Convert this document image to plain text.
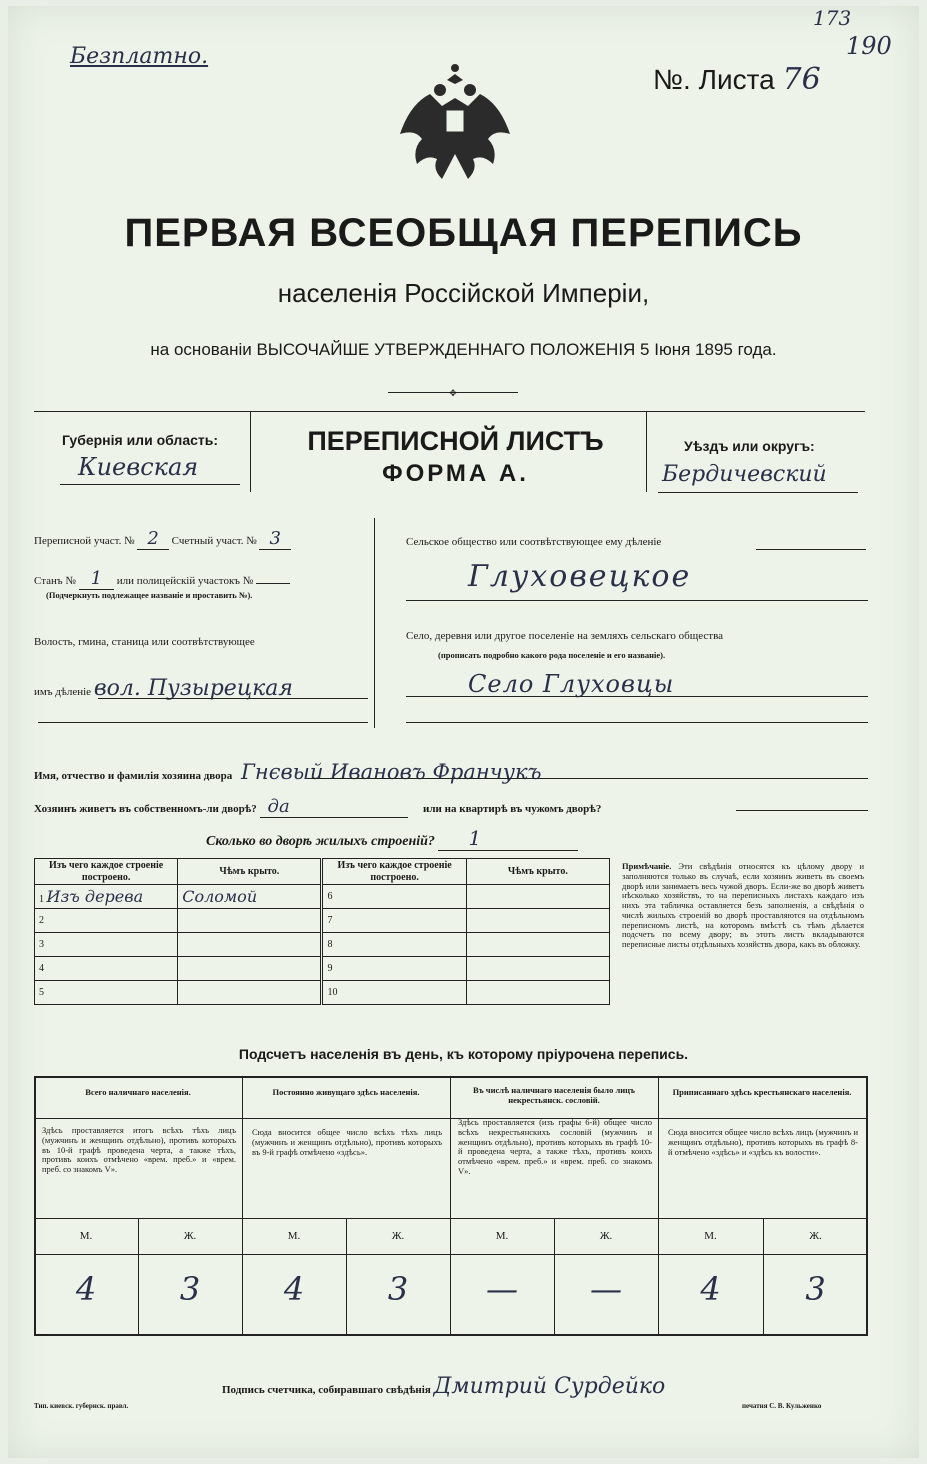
Безплатно.
№. Листа 76
173
190
ПЕРВАЯ ВСЕОБЩАЯ ПЕРЕПИСЬ
населенія Россійской Имперіи,
на основаніи ВЫСОЧАЙШЕ УТВЕРЖДЕННАГО ПОЛОЖЕНІЯ 5 Іюня 1895 года.
✥
Губернія или область:
Киевская
ПЕРЕПИСНОЙ ЛИСТЪ
ФОРМА А.
Уѣздъ или округъ:
Бердичевский
Переписной участ. № 2 Счетный участ. № 3
Станъ № 1 или полицейскій участокъ №
(Подчеркнуть подлежащее названіе и проставить №).
Волость, гмина, станица или соотвѣтствующее
имъ дѣленіе вол. Пузырецкая
Сельское общество или соотвѣтствующее ему дѣленіе
Глуховецкое
Село, деревня или другое поселеніе на земляхъ сельскаго общества
(прописать подробно какого рода поселеніе и его названіе).
Село Глуховцы
Имя, отчество и фамилія хозяина двора Гнєвый Ивановъ Франчукъ
Хозяинъ живетъ въ собственномъ-ли дворѣ? да	или на квартирѣ въ чужомъ дворѣ?
Сколько во дворѣ жилыхъ строеній? 1
Изъ чего каждое строеніе построено.	Чѣмъ крыто.	Изъ чего каждое строеніе построено.	Чѣмъ крыто.
1 Изъ дерева	Соломой	6	
2		7	
3		8	
4		9	
5		10	
Примѣчаніе. Эти свѣдѣнія относятся къ цѣлому двору и заполняются только въ случаѣ, если хозяинъ живетъ въ своемъ дворѣ или занимаетъ весь чужой дворъ. Если-же во дворѣ живетъ нѣсколько хозяйствъ, то на переписныхъ листахъ каждаго изъ нихъ эта табличка оставляется безъ заполненія, а свѣдѣнія о числѣ жилыхъ строеній во дворѣ проставляются на отдѣльномъ переписномъ листѣ, на которомъ вмѣстѣ съ тѣмъ дѣлается подсчетъ по всему двору; въ этотъ листъ вкладываются переписные листы отдѣльныхъ хозяйствъ двора, какъ въ обложку.
Подсчетъ населенія въ день, къ которому пріурочена перепись.
Всего наличнаго населенія.
Здѣсь проставляется итогъ всѣхъ тѣхъ лицъ (мужчинъ и женщинъ отдѣльно), противъ которыхъ въ 10-й графѣ проведена черта, а также тѣхъ, противъ коихъ отмѣчено «врем. преб.» и «врем. преб. со знакомъ V».
Постоянно живущаго здѣсь населенія.
Сюда вносится общее число всѣхъ тѣхъ лицъ (мужчинъ и женщинъ отдѣльно), противъ которыхъ въ 9-й графѣ отмѣчено «здѣсь».
Въ числѣ наличнаго населенія было лицъ некрестьянск. сословій.
Здѣсь проставляется (изъ графы 6-й) общее число всѣхъ некрестьянскихъ сословій (мужчинъ и женщинъ отдѣльно), противъ которыхъ въ графѣ 10-й проведена черта, а также тѣхъ, противъ коихъ отмѣчено «врем. преб.» и «врем. преб. со знакомъ V».
Приписаннаго здѣсь крестьянскаго населенія.
Сюда вносится общее число всѣхъ лицъ (мужчинъ и женщинъ отдѣльно), противъ которыхъ въ графѣ 8-й отмѣчено «здѣсь» и «здѣсь къ волости».
М.	Ж.	М.	Ж.	М.	Ж.	М.	Ж.
4	3	4	3	—	—	4	3
Подпись счетчика, собиравшаго свѣдѣнія Дмитрий Сурдейко
Тип. киевск. губернск. правл.	печатня С. В. Кульженко
